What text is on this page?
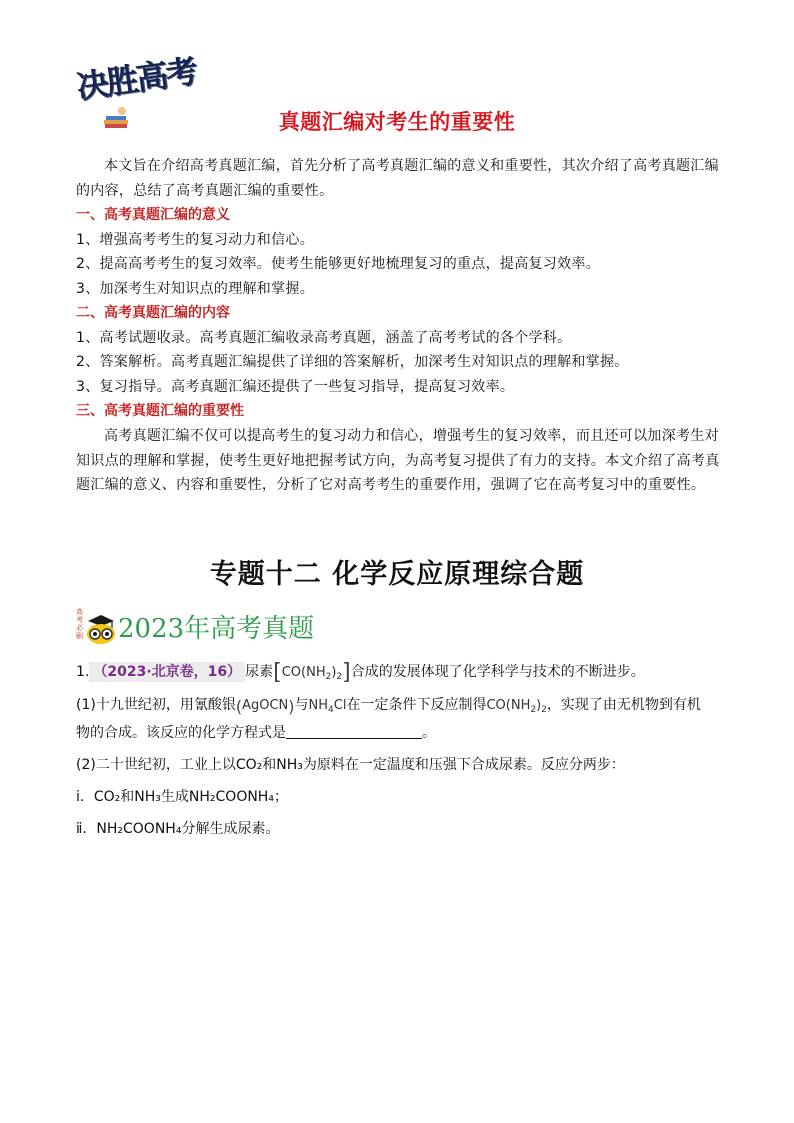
决胜高考
真题汇编对考生的重要性
本文旨在介绍高考真题汇编，首先分析了高考真题汇编的意义和重要性，其次介绍了高考真题汇编的内容，总结了高考真题汇编的重要性。
一、高考真题汇编的意义
1、增强高考考生的复习动力和信心。
2、提高高考考生的复习效率。使考生能够更好地梳理复习的重点，提高复习效率。
3、加深考生对知识点的理解和掌握。
二、高考真题汇编的内容
1、高考试题收录。高考真题汇编收录高考真题，涵盖了高考考试的各个学科。
2、答案解析。高考真题汇编提供了详细的答案解析，加深考生对知识点的理解和掌握。
3、复习指导。高考真题汇编还提供了一些复习指导，提高复习效率。
三、高考真题汇编的重要性
高考真题汇编不仅可以提高考生的复习动力和信心，增强考生的复习效率，而且还可以加深考生对知识点的理解和掌握，使考生更好地把握考试方向，为高考复习提供了有力的支持。本文介绍了高考真题汇编的意义、内容和重要性，分析了它对高考考生的重要作用，强调了它在高考复习中的重要性。
专题十二 化学反应原理综合题
高考必刷 2023年高考真题
1. （2023·北京卷，16） 尿素$[CO(NH_2)_2]$合成的发展体现了化学科学与技术的不断进步。
(1)十九世纪初，用氰酸银(AgOCN)与$NH_4Cl$在一定条件下反应制得$CO(NH_2)_2$，实现了由无机物到有机
物的合成。该反应的化学方程式是	。
(2)二十世纪初，工业上以CO₂和NH₃为原料在一定温度和压强下合成尿素。反应分两步：
ⅰ．CO₂和NH₃生成NH₂COONH₄；
ⅱ．NH₂COONH₄分解生成尿素。
